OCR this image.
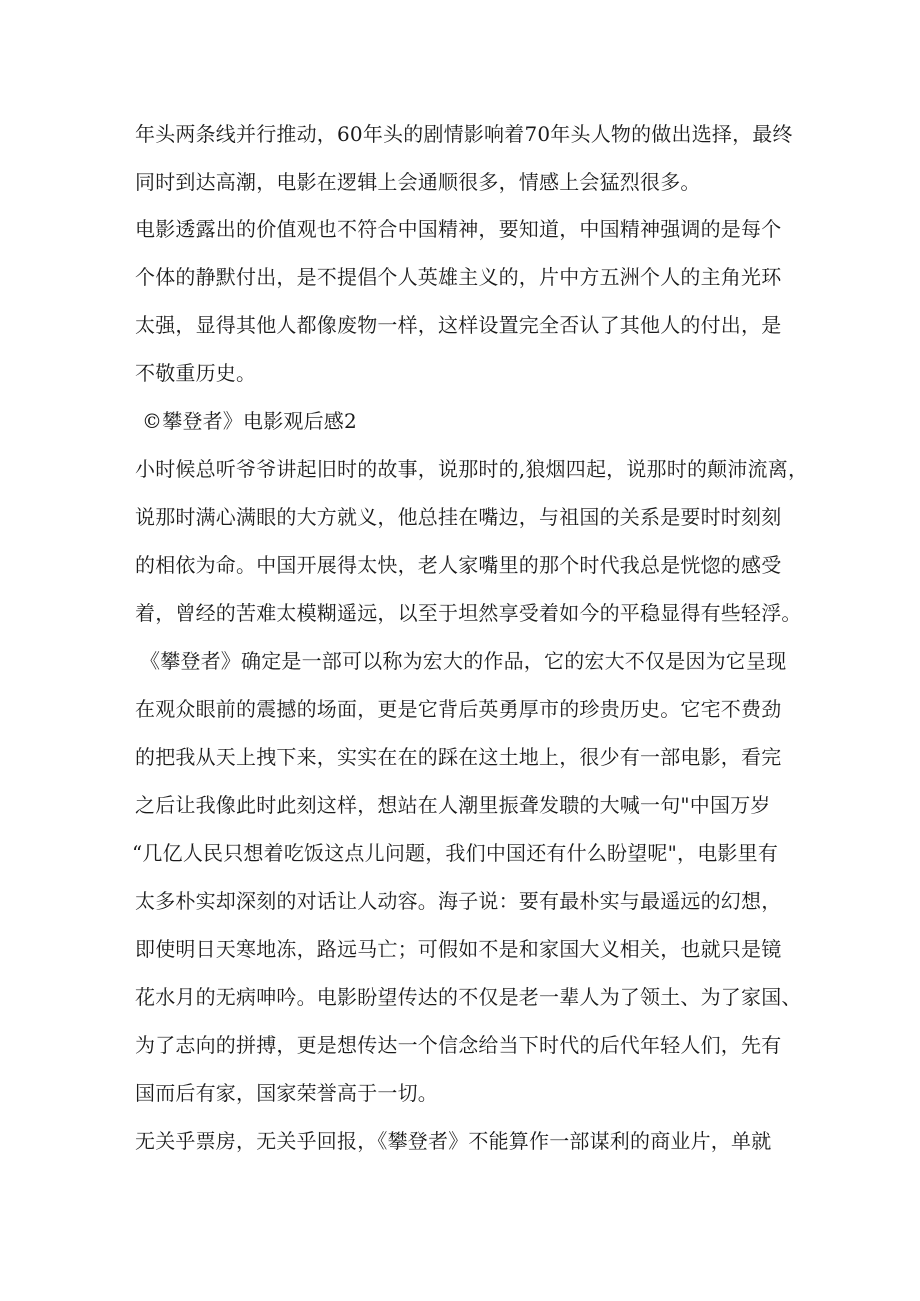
年头两条线并行推动，60年头的剧情影响着70年头人物的做出选择，最终

同时到达高潮，电影在逻辑上会通顺很多，情感上会猛烈很多。

电影透露出的价值观也不符合中国精神，要知道，中国精神强调的是每个

个体的静默付出，是不提倡个人英雄主义的，片中方五洲个人的主角光环

太强，显得其他人都像废物一样，这样设置完全否认了其他人的付出，是

不敬重历史。

©攀登者》电影观后感2

小时候总听爷爷讲起旧时的故事，说那时的,狼烟四起，说那时的颠沛流离，

说那时满心满眼的大方就义，他总挂在嘴边，与祖国的关系是要时时刻刻

的相依为命。中国开展得太快，老人家嘴里的那个时代我总是恍惚的感受

着，曾经的苦难太模糊遥远，以至于坦然享受着如今的平稳显得有些轻浮。

《攀登者》确定是一部可以称为宏大的作品，它的宏大不仅是因为它呈现

在观众眼前的震撼的场面，更是它背后英勇厚市的珍贵历史。它宅不费劲

的把我从天上拽下来，实实在在的踩在这土地上，很少有一部电影，看完

之后让我像此时此刻这样，想站在人潮里振聋发聩的大喊一句"中国万岁

“几亿人民只想着吃饭这点儿问题，我们中国还有什么盼望呢"，电影里有

太多朴实却深刻的对话让人动容。海子说：要有最朴实与最遥远的幻想，

即使明日天寒地冻，路远马亡；可假如不是和家国大义相关，也就只是镜

花水月的无病呻吟。电影盼望传达的不仅是老一辈人为了领土、为了家国、

为了志向的拼搏，更是想传达一个信念给当下时代的后代年轻人们，先有

国而后有家，国家荣誉高于一切。

无关乎票房，无关乎回报，《攀登者》不能算作一部谋利的商业片，单就
